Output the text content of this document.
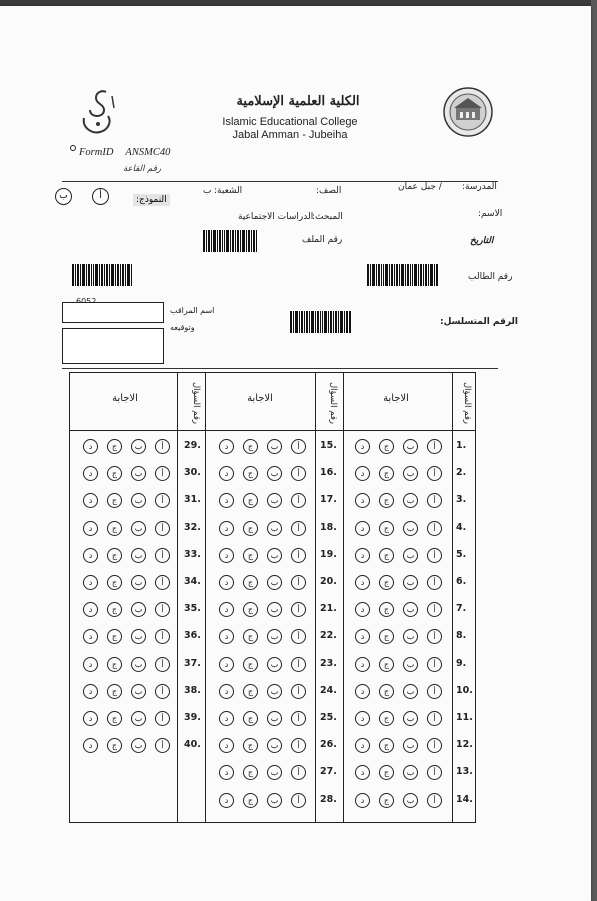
الكلية العلمية الإسلامية
Islamic Educational College
Jabal Amman - Jubeiha
FormID ANSMC40
رقم القاعة
المدرسة:
/ جبل عمان
الصف:
الشعبة:
ب
النموذج:
أ
ب
الاسم:
المبحث:
الدراسات الاجتماعية
التاريخ
رقم الملف
رقم الطالب
اسم المراقب
وتوقيعه
الرقم المتسلسل:
رقم السؤال
رقم السؤال
رقم السؤال	الاجابة
الاجابة
الاجابة
1.
أ
ب
ج
د
2.
أ
ب
ج
د
3.
أ
ب
ج
د
4.
أ
ب
ج
د
5.
أ
ب
ج
د
6.
أ
ب
ج
د
7.
أ
ب
ج
د
8.
أ
ب
ج
د
9.
أ
ب
ج
د
10.
أ
ب
ج
د
11.
أ
ب
ج
د
12.
أ
ب
ج
د
13.
أ
ب
ج
د
14.
أ
ب
ج
د
15.
أ
ب
ج
د
16.
أ
ب
ج
د
17.
أ
ب
ج
د
18.
أ
ب
ج
د
19.
أ
ب
ج
د
20.
أ
ب
ج
د
21.
أ
ب
ج
د
22.
أ
ب
ج
د
23.
أ
ب
ج
د
24.
أ
ب
ج
د
25.
أ
ب
ج
د
26.
أ
ب
ج
د
27.
أ
ب
ج
د
28.
أ
ب
ج
د
29.
أ
ب
ج
د
30.
أ
ب
ج
د
31.
أ
ب
ج
د
32.
أ
ب
ج
د
33.
أ
ب
ج
د
34.
أ
ب
ج
د
35.
أ
ب
ج
د
36.
أ
ب
ج
د
37.
أ
ب
ج
د
38.
أ
ب
ج
د
39.
أ
ب
ج
د
40.
أ
ب
ج
د
